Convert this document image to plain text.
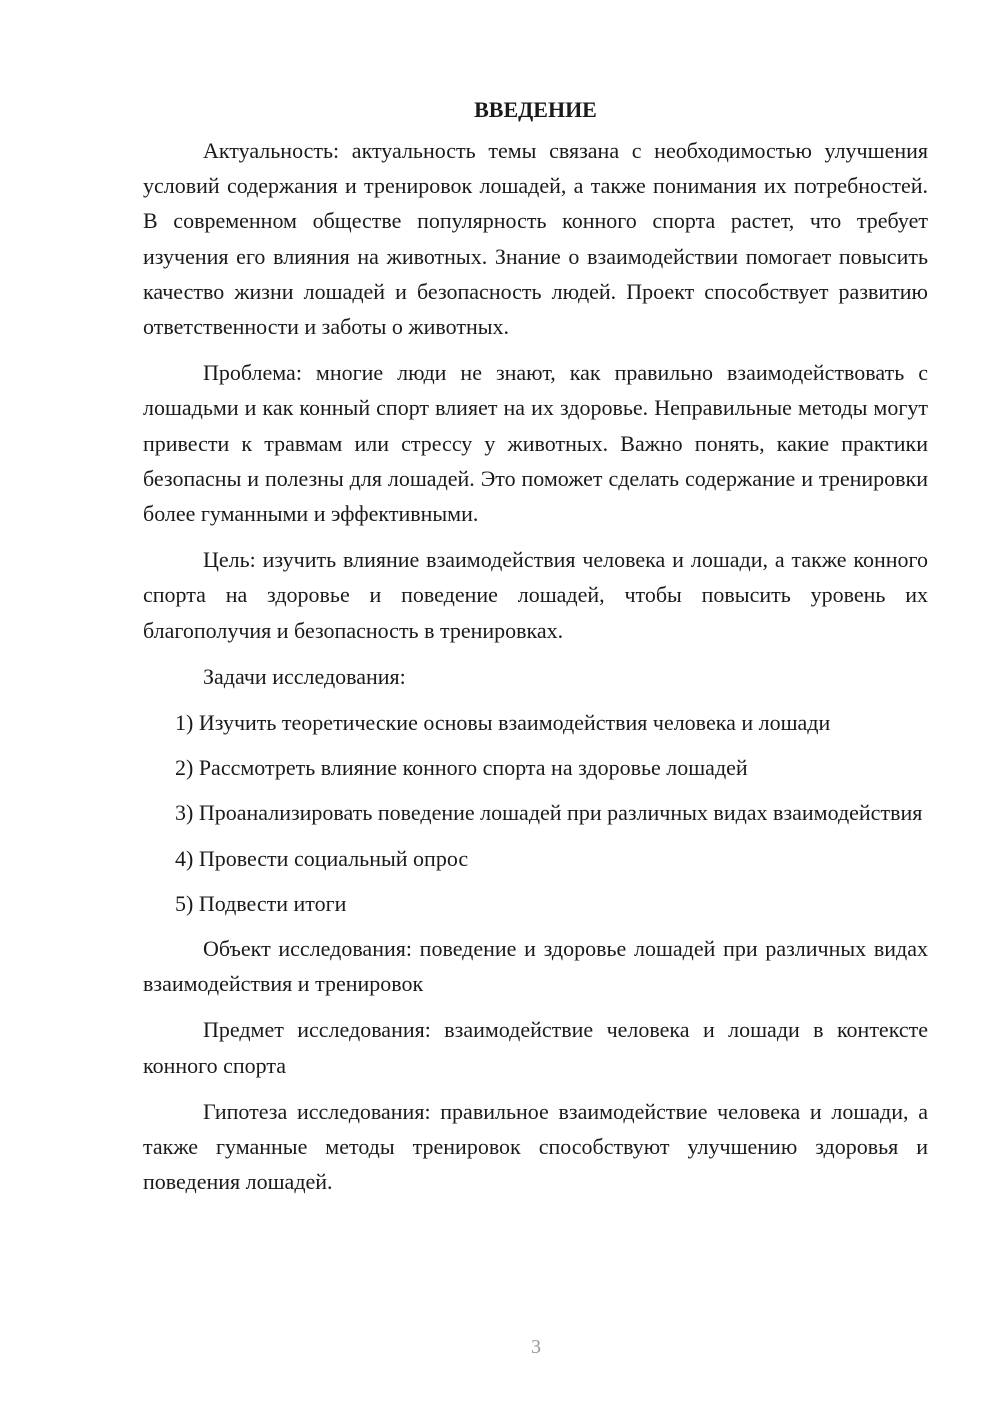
ВВЕДЕНИЕ

Актуальность: актуальность темы связана с необходимостью улучшения условий содержания и тренировок лошадей, а также понимания их потребностей. В современном обществе популярность конного спорта растет, что требует изучения его влияния на животных. Знание о взаимодействии помогает повысить качество жизни лошадей и безопасность людей. Проект способствует развитию ответственности и заботы о животных.

Проблема: многие люди не знают, как правильно взаимодействовать с лошадьми и как конный спорт влияет на их здоровье. Неправильные методы могут привести к травмам или стрессу у животных. Важно понять, какие практики безопасны и полезны для лошадей. Это поможет сделать содержание и тренировки более гуманными и эффективными.

Цель: изучить влияние взаимодействия человека и лошади, а также конного спорта на здоровье и поведение лошадей, чтобы повысить уровень их благополучия и безопасность в тренировках.

Задачи исследования:

1) Изучить теоретические основы взаимодействия человека и лошади

2) Рассмотреть влияние конного спорта на здоровье лошадей

3) Проанализировать поведение лошадей при различных видах взаимодействия

4) Провести социальный опрос

5) Подвести итоги

Объект исследования: поведение и здоровье лошадей при различных видах взаимодействия и тренировок

Предмет исследования: взаимодействие человека и лошади в контексте конного спорта

Гипотеза исследования: правильное взаимодействие человека и лошади, а также гуманные методы тренировок способствуют улучшению здоровья и поведения лошадей.

3
